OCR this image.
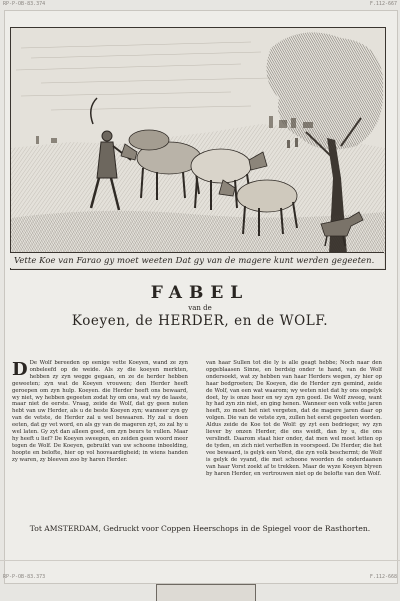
RP-P-OB-83.374	F.112-667
Vette Koe van Farao gy moet weeten Dat gy van de magere kunt werden gegeeten.
FABEL
van de
Koeyen, de HERDER, en de WOLF.
D De Wolf bereeden op eenige vette Koeyen, wand ze zyn onbeleefd op de weide. Als zy die koeyen merkten, hebben zy zyn wegge gegaan, en ze de herder hebben geweeten; zyn wat de Koeyen vrouwen; den Herder heeft geroepen om zyn hulp. Koeyen. die Herder heeft ons bewaard, wy niet, wy hebben gegeeten zodat hy om ons, wat wy de laaste, maar niet de eerste. Vraag, zeide de Wolf, dat gy geen nuten hebt van uw Herder, als u de beste Koeyen zyn; wanneer zyn gy van de vetste, de Herder zal u wel bewaaren. Hy zal u doen eeten, dat gy vet word, en als gy van de mageren zyt, zo zal hy u wel laten. Gy zyt dan alleen goed, om zyn beurs te vullen. Maar hy heeft u lief? De Koeyen sweegen, en zeiden geen woord meer tegen de Wolf. De Koeyen, gebruikt van uw schoone inbeelding, hoopte en belofte, hier op vol hoovaardigheid; in wiens handen zy waren, zy bleeven zoo by haren Herder.
van haar Sullen tot die ly is alle geagt hebbe; Noch naar den opgeblaasen Sinne, en berdsig onder te hand, van de Wolf ondersoekt, wat zy hebben van haar Herders wegen, zy hier op haar bedgroeten; De Koeyen, die de Herder zyn gemind, zeide de Wolf, van een wat waarom; wy weten niet dat hy ons ongelyk doet, hy is onze heer en wy zyn zyn goed. De Wolf zweeg, want hy had zyn zin niet, en ging henen. Wanneer een volk vette jaren heeft, zo moet het niet vergeten, dat de magere jaren daar op volgen. Die van de vetste zyn, zullen het eerst gegeeten worden. Aldus zeide de Koe tot de Wolf: gy zyt een bedrieger, wy zyn liever by onzen Herder, die ons weidt, dan by u, die ons verslindt. Daarom staat hier onder, dat men wel moet letten op de tyden, en zich niet verheffen in voorspoed. De Herder, die het vee bewaard, is gelyk een Vorst, die zyn volk beschermt; de Wolf is gelyk de vyand, die met schoone woorden de onderdaanen van haar Vorst zoekt af te trekken. Maar de wyze Koeyen blyven by haren Herder, en vertrouwen niet op de belofte van den Wolf.
Tot AMSTERDAM, Gedruckt voor Coppen Heerschops in de Spiegel voor de Rasthorten.
RP-P-OB-83.373	F.112-668
